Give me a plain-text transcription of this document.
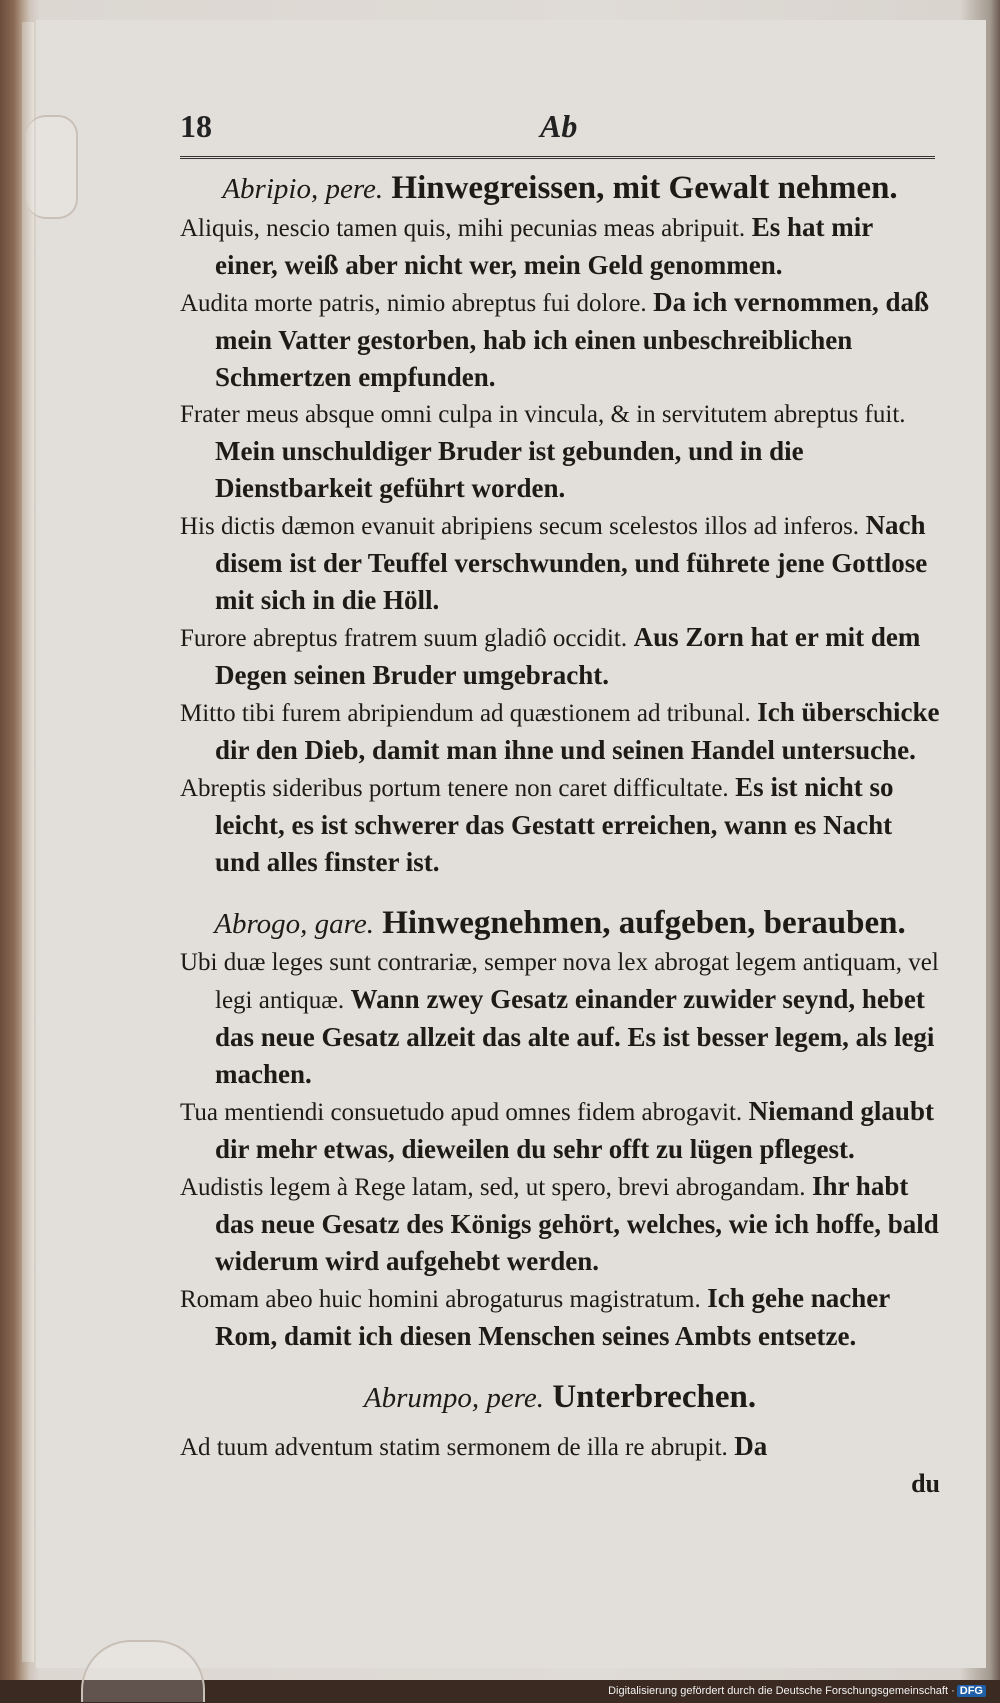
18	Ab

Abripio, pere. Hinwegreissen, mit Gewalt nehmen.

Aliquis, nescio tamen quis, mihi pecunias meas abripuit. Es hat mir einer, weiß aber nicht wer, mein Geld genommen.

Audita morte patris, nimio abreptus fui dolore. Da ich vernommen, daß mein Vatter gestorben, hab ich einen unbeschreiblichen Schmertzen empfunden.

Frater meus absque omni culpa in vincula, & in servitutem abreptus fuit. Mein unschuldiger Bruder ist gebunden, und in die Dienstbarkeit geführt worden.

His dictis dæmon evanuit abripiens secum scelestos illos ad inferos. Nach disem ist der Teuffel verschwunden, und führete jene Gottlose mit sich in die Höll.

Furore abreptus fratrem suum gladiô occidit. Aus Zorn hat er mit dem Degen seinen Bruder umgebracht.

Mitto tibi furem abripiendum ad quæstionem ad tribunal. Ich überschicke dir den Dieb, damit man ihne und seinen Handel untersuche.

Abreptis sideribus portum tenere non caret difficultate. Es ist nicht so leicht, es ist schwerer das Gestatt erreichen, wann es Nacht und alles finster ist.

Abrogo, gare. Hinwegnehmen, aufgeben, berauben.

Ubi duæ leges sunt contrariæ, semper nova lex abrogat legem antiquam, vel legi antiquæ. Wann zwey Gesatz einander zuwider seynd, hebet das neue Gesatz allzeit das alte auf. Es ist besser legem, als legi machen.

Tua mentiendi consuetudo apud omnes fidem abrogavit. Niemand glaubt dir mehr etwas, dieweilen du sehr offt zu lügen pflegest.

Audistis legem à Rege latam, sed, ut spero, brevi abrogandam. Ihr habt das neue Gesatz des Königs gehört, welches, wie ich hoffe, bald widerum wird aufgehebt werden.

Romam abeo huic homini abrogaturus magistratum. Ich gehe nacher Rom, damit ich diesen Menschen seines Ambts entsetze.

Abrumpo, pere. Unterbrechen.

Ad tuum adventum statim sermonem de illa re abrupit. Da

du

Digitalisierung gefördert durch die Deutsche Forschungsgemeinschaft · DFG
